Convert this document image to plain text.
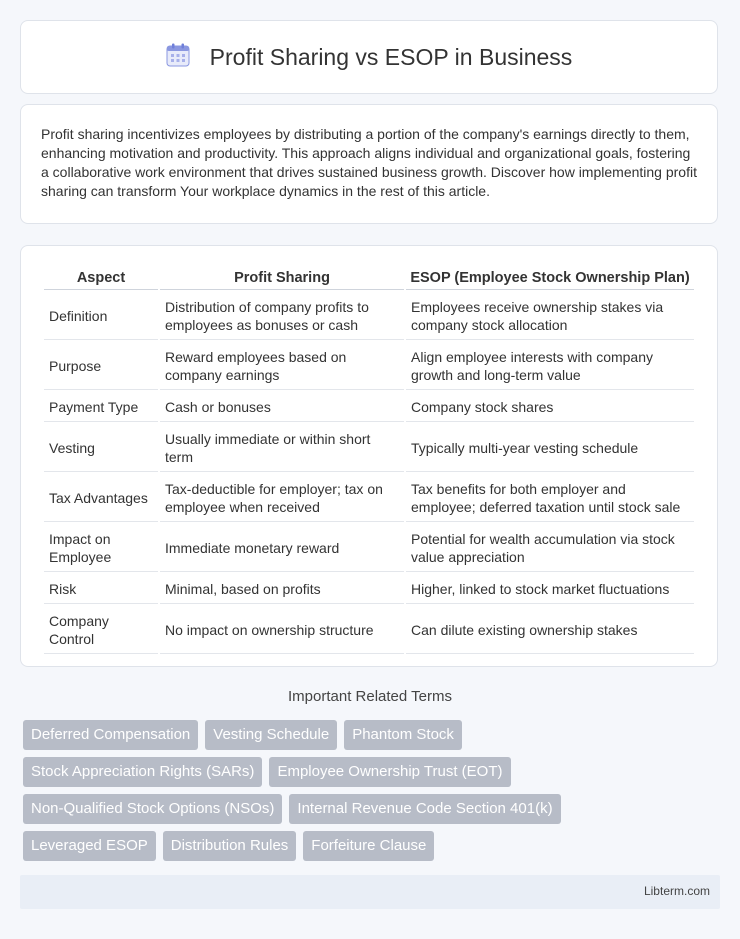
Profit Sharing vs ESOP in Business

Profit sharing incentivizes employees by distributing a portion of the company's earnings directly to them, enhancing motivation and productivity. This approach aligns individual and organizational goals, fostering a collaborative work environment that drives sustained business growth. Discover how implementing profit sharing can transform Your workplace dynamics in the rest of this article.

Aspect	Profit Sharing	ESOP (Employee Stock Ownership Plan)
Definition	Distribution of company profits to employees as bonuses or cash	Employees receive ownership stakes via company stock allocation
Purpose	Reward employees based on company earnings	Align employee interests with company growth and long-term value
Payment Type	Cash or bonuses	Company stock shares
Vesting	Usually immediate or within short term	Typically multi-year vesting schedule
Tax Advantages	Tax-deductible for employer; tax on employee when received	Tax benefits for both employer and employee; deferred taxation until stock sale
Impact on Employee	Immediate monetary reward	Potential for wealth accumulation via stock value appreciation
Risk	Minimal, based on profits	Higher, linked to stock market fluctuations
Company Control	No impact on ownership structure	Can dilute existing ownership stakes
Important Related Terms
Deferred Compensation	Vesting Schedule	Phantom Stock
Stock Appreciation Rights (SARs)	Employee Ownership Trust (EOT)
Non-Qualified Stock Options (NSOs)	Internal Revenue Code Section 401(k)
Leveraged ESOP	Distribution Rules	Forfeiture Clause
Libterm.com
